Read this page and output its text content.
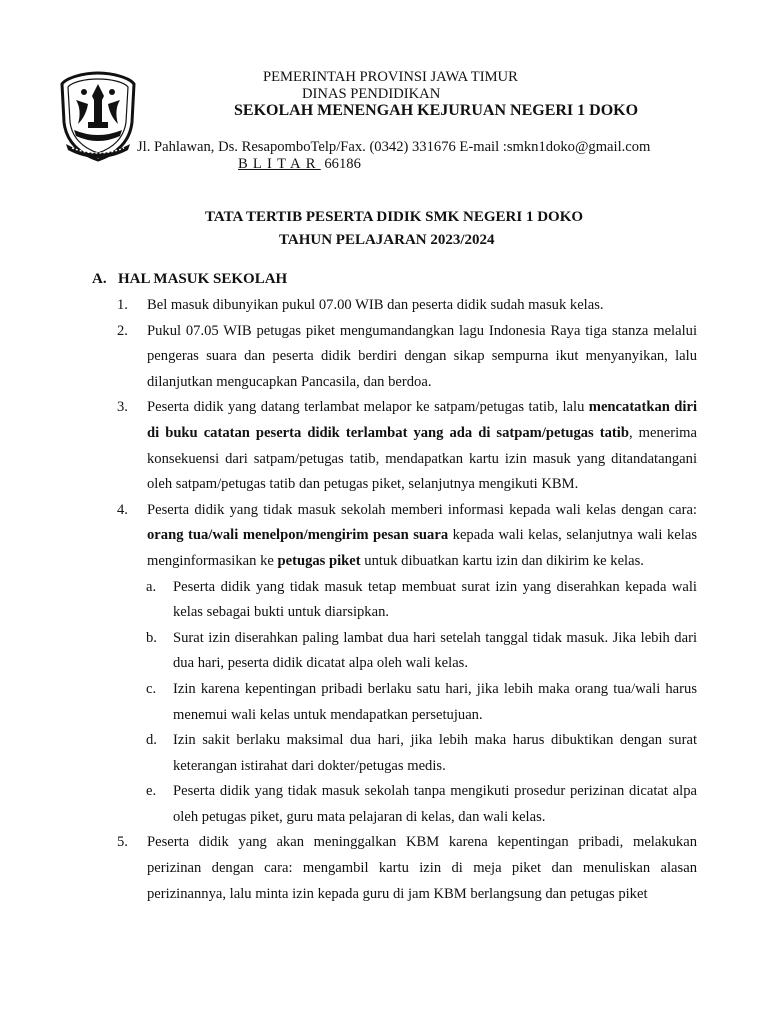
PEMERINTAH PROVINSI JAWA TIMUR
DINAS PENDIDIKAN
SEKOLAH MENENGAH KEJURUAN NEGERI 1 DOKO
Jl. Pahlawan, Ds. ResapomboTelp/Fax. (0342) 331676 E-mail :smkn1doko@gmail.com
BLITAR 66186
TATA TERTIB PESERTA DIDIK SMK NEGERI 1 DOKO
TAHUN PELAJARAN 2023/2024
A. HAL MASUK SEKOLAH
1. Bel masuk dibunyikan pukul 07.00 WIB dan peserta didik sudah masuk kelas.
2. Pukul 07.05 WIB petugas piket mengumandangkan lagu Indonesia Raya tiga stanza melalui pengeras suara dan peserta didik berdiri dengan sikap sempurna ikut menyanyikan, lalu dilanjutkan mengucapkan Pancasila, dan berdoa.
3. Peserta didik yang datang terlambat melapor ke satpam/petugas tatib, lalu mencatatkan diri di buku catatan peserta didik terlambat yang ada di satpam/petugas tatib, menerima konsekuensi dari satpam/petugas tatib, mendapatkan kartu izin masuk yang ditandatangani oleh satpam/petugas tatib dan petugas piket, selanjutnya mengikuti KBM.
4. Peserta didik yang tidak masuk sekolah memberi informasi kepada wali kelas dengan cara: orang tua/wali menelpon/mengirim pesan suara kepada wali kelas, selanjutnya wali kelas menginformasikan ke petugas piket untuk dibuatkan kartu izin dan dikirim ke kelas.
a. Peserta didik yang tidak masuk tetap membuat surat izin yang diserahkan kepada wali kelas sebagai bukti untuk diarsipkan.
b. Surat izin diserahkan paling lambat dua hari setelah tanggal tidak masuk. Jika lebih dari dua hari, peserta didik dicatat alpa oleh wali kelas.
c. Izin karena kepentingan pribadi berlaku satu hari, jika lebih maka orang tua/wali harus menemui wali kelas untuk mendapatkan persetujuan.
d. Izin sakit berlaku maksimal dua hari, jika lebih maka harus dibuktikan dengan surat keterangan istirahat dari dokter/petugas medis.
e. Peserta didik yang tidak masuk sekolah tanpa mengikuti prosedur perizinan dicatat alpa oleh petugas piket, guru mata pelajaran di kelas, dan wali kelas.
5. Peserta didik yang akan meninggalkan KBM karena kepentingan pribadi, melakukan perizinan dengan cara: mengambil kartu izin di meja piket dan menuliskan alasan perizinannya, lalu minta izin kepada guru di jam KBM berlangsung dan petugas piket
